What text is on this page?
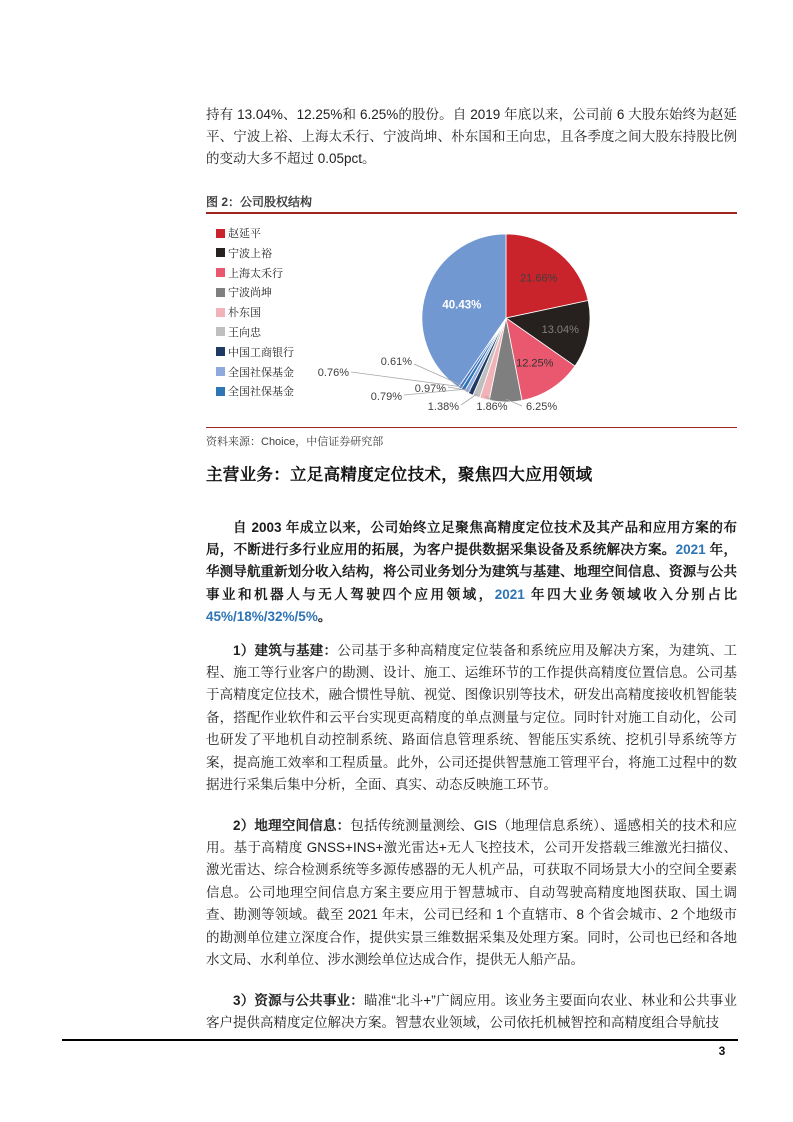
持有 13.04%、12.25%和 6.25%的股份。自 2019 年底以来，公司前 6 大股东始终为赵延平、宁波上裕、上海太禾行、宁波尚坤、朴东国和王向忠，且各季度之间大股东持股比例的变动大多不超过 0.05pct。

图 2：公司股权结构
21.66%
13.04%
12.25%
6.25%
1.86%
1.38%
0.97%
0.79%
0.76%
0.61%
40.43%
赵延平
宁波上裕
上海太禾行
宁波尚坤
朴东国
王向忠
中国工商银行
全国社保基金
全国社保基金
资料来源：Choice，中信证券研究部
主营业务：立足高精度定位技术，聚焦四大应用领域

自 2003 年成立以来，公司始终立足聚焦高精度定位技术及其产品和应用方案的布局，不断进行多行业应用的拓展，为客户提供数据采集设备及系统解决方案。2021 年，华测导航重新划分收入结构，将公司业务划分为建筑与基建、地理空间信息、资源与公共事业和机器人与无人驾驶四个应用领域，2021 年四大业务领域收入分别占比 45%/18%/32%/5%。

1）建筑与基建：公司基于多种高精度定位装备和系统应用及解决方案，为建筑、工程、施工等行业客户的勘测、设计、施工、运维环节的工作提供高精度位置信息。公司基于高精度定位技术，融合惯性导航、视觉、图像识别等技术，研发出高精度接收机智能装备，搭配作业软件和云平台实现更高精度的单点测量与定位。同时针对施工自动化，公司也研发了平地机自动控制系统、路面信息管理系统、智能压实系统、挖机引导系统等方案，提高施工效率和工程质量。此外，公司还提供智慧施工管理平台，将施工过程中的数据进行采集后集中分析，全面、真实、动态反映施工环节。

2）地理空间信息：包括传统测量测绘、GIS（地理信息系统）、遥感相关的技术和应用。基于高精度 GNSS+INS+激光雷达+无人飞控技术，公司开发搭载三维激光扫描仪、激光雷达、综合检测系统等多源传感器的无人机产品，可获取不同场景大小的空间全要素信息。公司地理空间信息方案主要应用于智慧城市、自动驾驶高精度地图获取、国土调查、勘测等领域。截至 2021 年末，公司已经和 1 个直辖市、8 个省会城市、2 个地级市的勘测单位建立深度合作，提供实景三维数据采集及处理方案。同时，公司也已经和各地水文局、水利单位、涉水测绘单位达成合作，提供无人船产品。

3）资源与公共事业：瞄准“北斗+”广阔应用。该业务主要面向农业、林业和公共事业客户提供高精度定位解决方案。智慧农业领域，公司依托机械智控和高精度组合导航技

3
